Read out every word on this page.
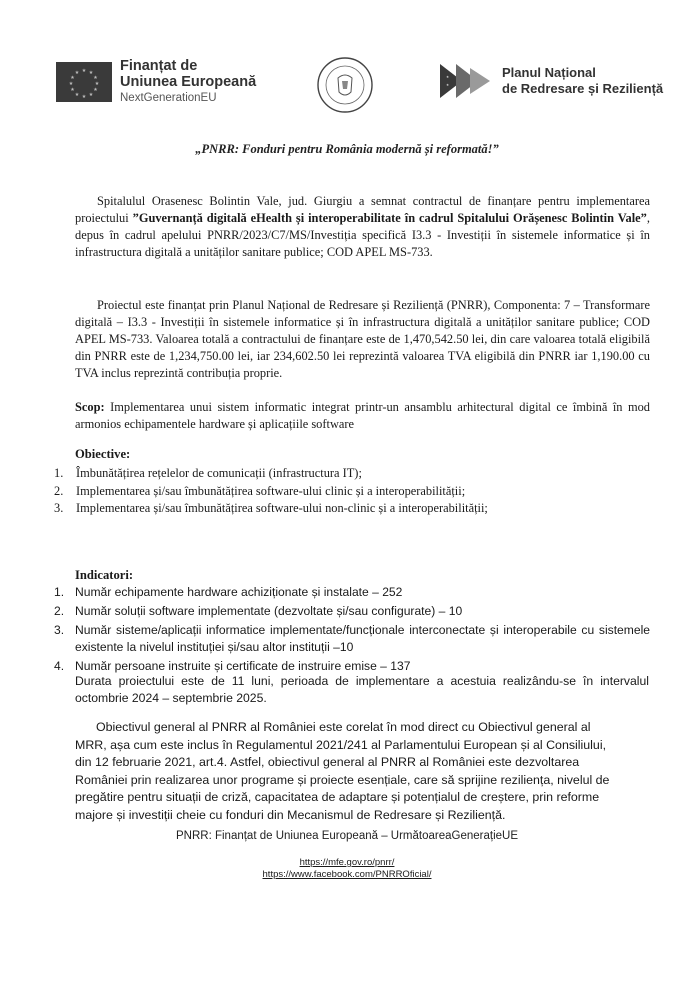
★ ★
★
★
★
★
★
★
★
★
★
★	Finanțat de
Uniunea Europeană
NextGenerationEU
★
★
Planul Național
de Redresare și Reziliență
„PNRR: Fonduri pentru România modernă și reformată!”

Spitalulul Orasenesc Bolintin Vale, jud. Giurgiu a semnat contractul de finanțare pentru implementarea proiectului ”Guvernanță digitală eHealth și interoperabilitate în cadrul Spitalului Orășenesc Bolintin Vale”, depus în cadrul apelului PNRR/2023/C7/MS/Investiția specifică I3.3 - Investiții în sistemele informatice și în infrastructura digitală a unităților sanitare publice; COD APEL MS-733.

Proiectul este finanțat prin Planul Național de Redresare și Reziliență (PNRR), Componenta: 7 – Transformare digitală – I3.3 - Investiții în sistemele informatice și în infrastructura digitală a unităților sanitare publice; COD APEL MS-733. Valoarea totală a contractului de finanțare este de 1,470,542.50 lei, din care valoarea totală eligibilă din PNRR este de 1,234,750.00 lei, iar 234,602.50 lei reprezintă valoarea TVA eligibilă din PNRR iar 1,190.00 cu TVA inclus reprezintă contribuția proprie.

Scop: Implementarea unui sistem informatic integrat printr-un ansamblu arhitectural digital ce îmbină în mod armonios echipamentele hardware și aplicațiile software

Obiective:
1.	Îmbunătățirea rețelelor de comunicații (infrastructura IT);
2.	Implementarea și/sau îmbunătățirea software-ului clinic și a interoperabilității;
3.	Implementarea și/sau îmbunătățirea software-ului non-clinic și a interoperabilității;
Indicatori:
1. Număr echipamente hardware achiziționate și instalate – 252
2. Număr soluții software implementate (dezvoltate și/sau configurate) – 10
3. Număr sisteme/aplicații informatice implementate/funcționale interconectate și interoperabile cu sistemele existente la nivelul instituției și/sau altor instituții –10
4. Număr persoane instruite și certificate de instruire emise – 137

Durata proiectului este de 11 luni, perioada de implementare a acestuia realizându-se în intervalul octombrie 2024 – septembrie 2025.

Obiectivul general al PNRR al României este corelat în mod direct cu Obiectivul general al
MRR, așa cum este inclus în Regulamentul 2021/241 al Parlamentului European și al Consiliului,
din 12 februarie 2021, art.4. Astfel, obiectivul general al PNRR al României este dezvoltarea
României prin realizarea unor programe și proiecte esențiale, care să sprijine reziliența, nivelul de
pregătire pentru situații de criză, capacitatea de adaptare și potențialul de creștere, prin reforme
majore și investiții cheie cu fonduri din Mecanismul de Redresare și Reziliență.
PNRR: Finanțat de Uniunea Europeană – UrmătoareaGenerațieUE
https://mfe.gov.ro/pnrr/
https://www.facebook.com/PNRROficial/
